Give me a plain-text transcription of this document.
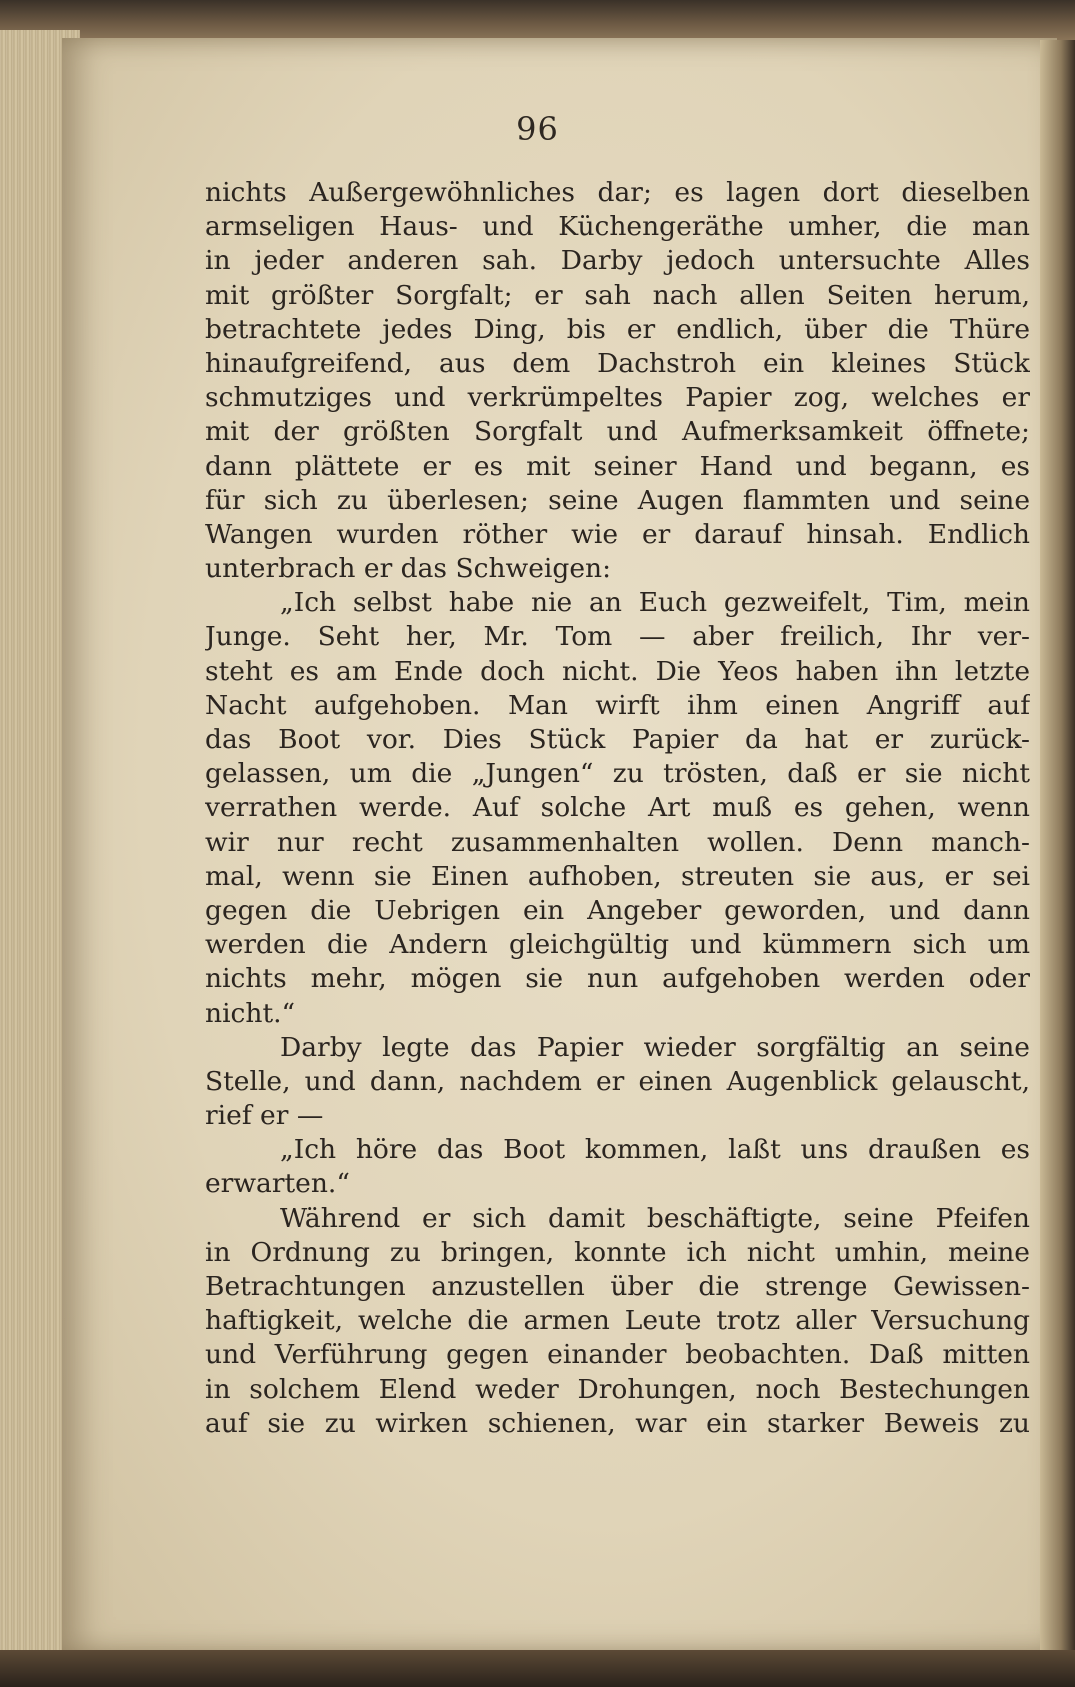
96
nichts Außergewöhnliches dar; es lagen dort dieselben
armseligen Haus- und Küchengeräthe umher, die man
in jeder anderen sah. Darby jedoch untersuchte Alles
mit größter Sorgfalt; er sah nach allen Seiten herum,
betrachtete jedes Ding, bis er endlich, über die Thüre
hinaufgreifend, aus dem Dachstroh ein kleines Stück
schmutziges und verkrümpeltes Papier zog, welches er
mit der größten Sorgfalt und Aufmerksamkeit öffnete;
dann plättete er es mit seiner Hand und begann, es
für sich zu überlesen; seine Augen flammten und seine
Wangen wurden röther wie er darauf hinsah. Endlich
unterbrach er das Schweigen:
„Ich selbst habe nie an Euch gezweifelt, Tim, mein
Junge. Seht her, Mr. Tom — aber freilich, Ihr ver-
steht es am Ende doch nicht. Die Yeos haben ihn letzte
Nacht aufgehoben. Man wirft ihm einen Angriff auf
das Boot vor. Dies Stück Papier da hat er zurück-
gelassen, um die „Jungen“ zu trösten, daß er sie nicht
verrathen werde. Auf solche Art muß es gehen, wenn
wir nur recht zusammenhalten wollen. Denn manch-
mal, wenn sie Einen aufhoben, streuten sie aus, er sei
gegen die Uebrigen ein Angeber geworden, und dann
werden die Andern gleichgültig und kümmern sich um
nichts mehr, mögen sie nun aufgehoben werden oder
nicht.“
Darby legte das Papier wieder sorgfältig an seine
Stelle, und dann, nachdem er einen Augenblick gelauscht,
rief er —
„Ich höre das Boot kommen, laßt uns draußen es
erwarten.“
Während er sich damit beschäftigte, seine Pfeifen
in Ordnung zu bringen, konnte ich nicht umhin, meine
Betrachtungen anzustellen über die strenge Gewissen-
haftigkeit, welche die armen Leute trotz aller Versuchung
und Verführung gegen einander beobachten. Daß mitten
in solchem Elend weder Drohungen, noch Bestechungen
auf sie zu wirken schienen, war ein starker Beweis zu
